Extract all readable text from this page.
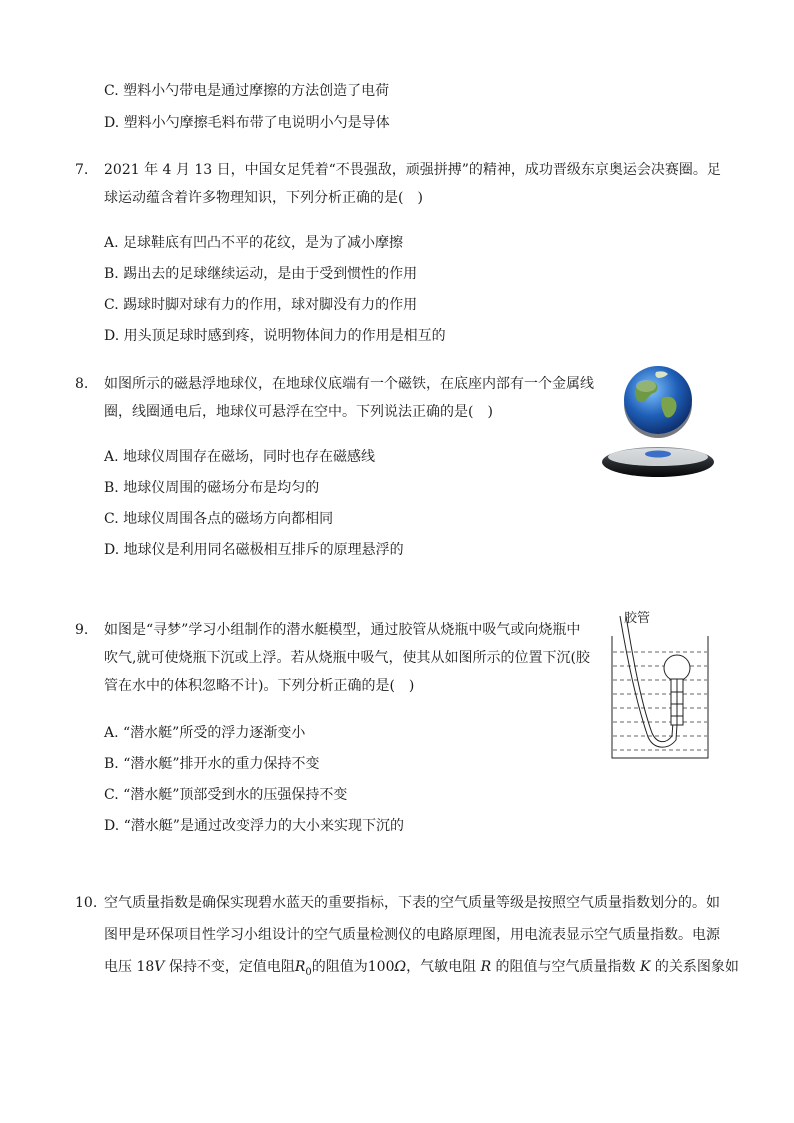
C. 塑料小勺带电是通过摩擦的方法创造了电荷
D. 塑料小勺摩擦毛料布带了电说明小勺是导体
7. 2021 年 4 月 13 日，中国女足凭着“不畏强敌，顽强拼搏”的精神，成功晋级东京奥运会决赛圈。足
球运动蕴含着许多物理知识，下列分析正确的是(　)
A. 足球鞋底有凹凸不平的花纹，是为了减小摩擦
B. 踢出去的足球继续运动，是由于受到惯性的作用
C. 踢球时脚对球有力的作用，球对脚没有力的作用
D. 用头顶足球时感到疼，说明物体间力的作用是相互的
8. 如图所示的磁悬浮地球仪，在地球仪底端有一个磁铁，在底座内部有一个金属线
圈，线圈通电后，地球仪可悬浮在空中。下列说法正确的是(　)
A. 地球仪周围存在磁场，同时也存在磁感线
B. 地球仪周围的磁场分布是均匀的
C. 地球仪周围各点的磁场方向都相同
D. 地球仪是利用同名磁极相互排斥的原理悬浮的
9. 如图是“寻梦”学习小组制作的潜水艇模型，通过胶管从烧瓶中吸气或向烧瓶中
吹气,就可使烧瓶下沉或上浮。若从烧瓶中吸气，使其从如图所示的位置下沉(胶
管在水中的体积忽略不计)。下列分析正确的是(　)
A. “潜水艇”所受的浮力逐渐变小
B. “潜水艇”排开水的重力保持不变
C. “潜水艇”顶部受到水的压强保持不变
D. “潜水艇”是通过改变浮力的大小来实现下沉的
胶管
10. 空气质量指数是确保实现碧水蓝天的重要指标，下表的空气质量等级是按照空气质量指数划分的。如
图甲是环保项目性学习小组设计的空气质量检测仪的电路原理图，用电流表显示空气质量指数。电源
电压 18V 保持不变，定值电阻$R_0$的阻值为100Ω，气敏电阻 R 的阻值与空气质量指数 K 的关系图象如
